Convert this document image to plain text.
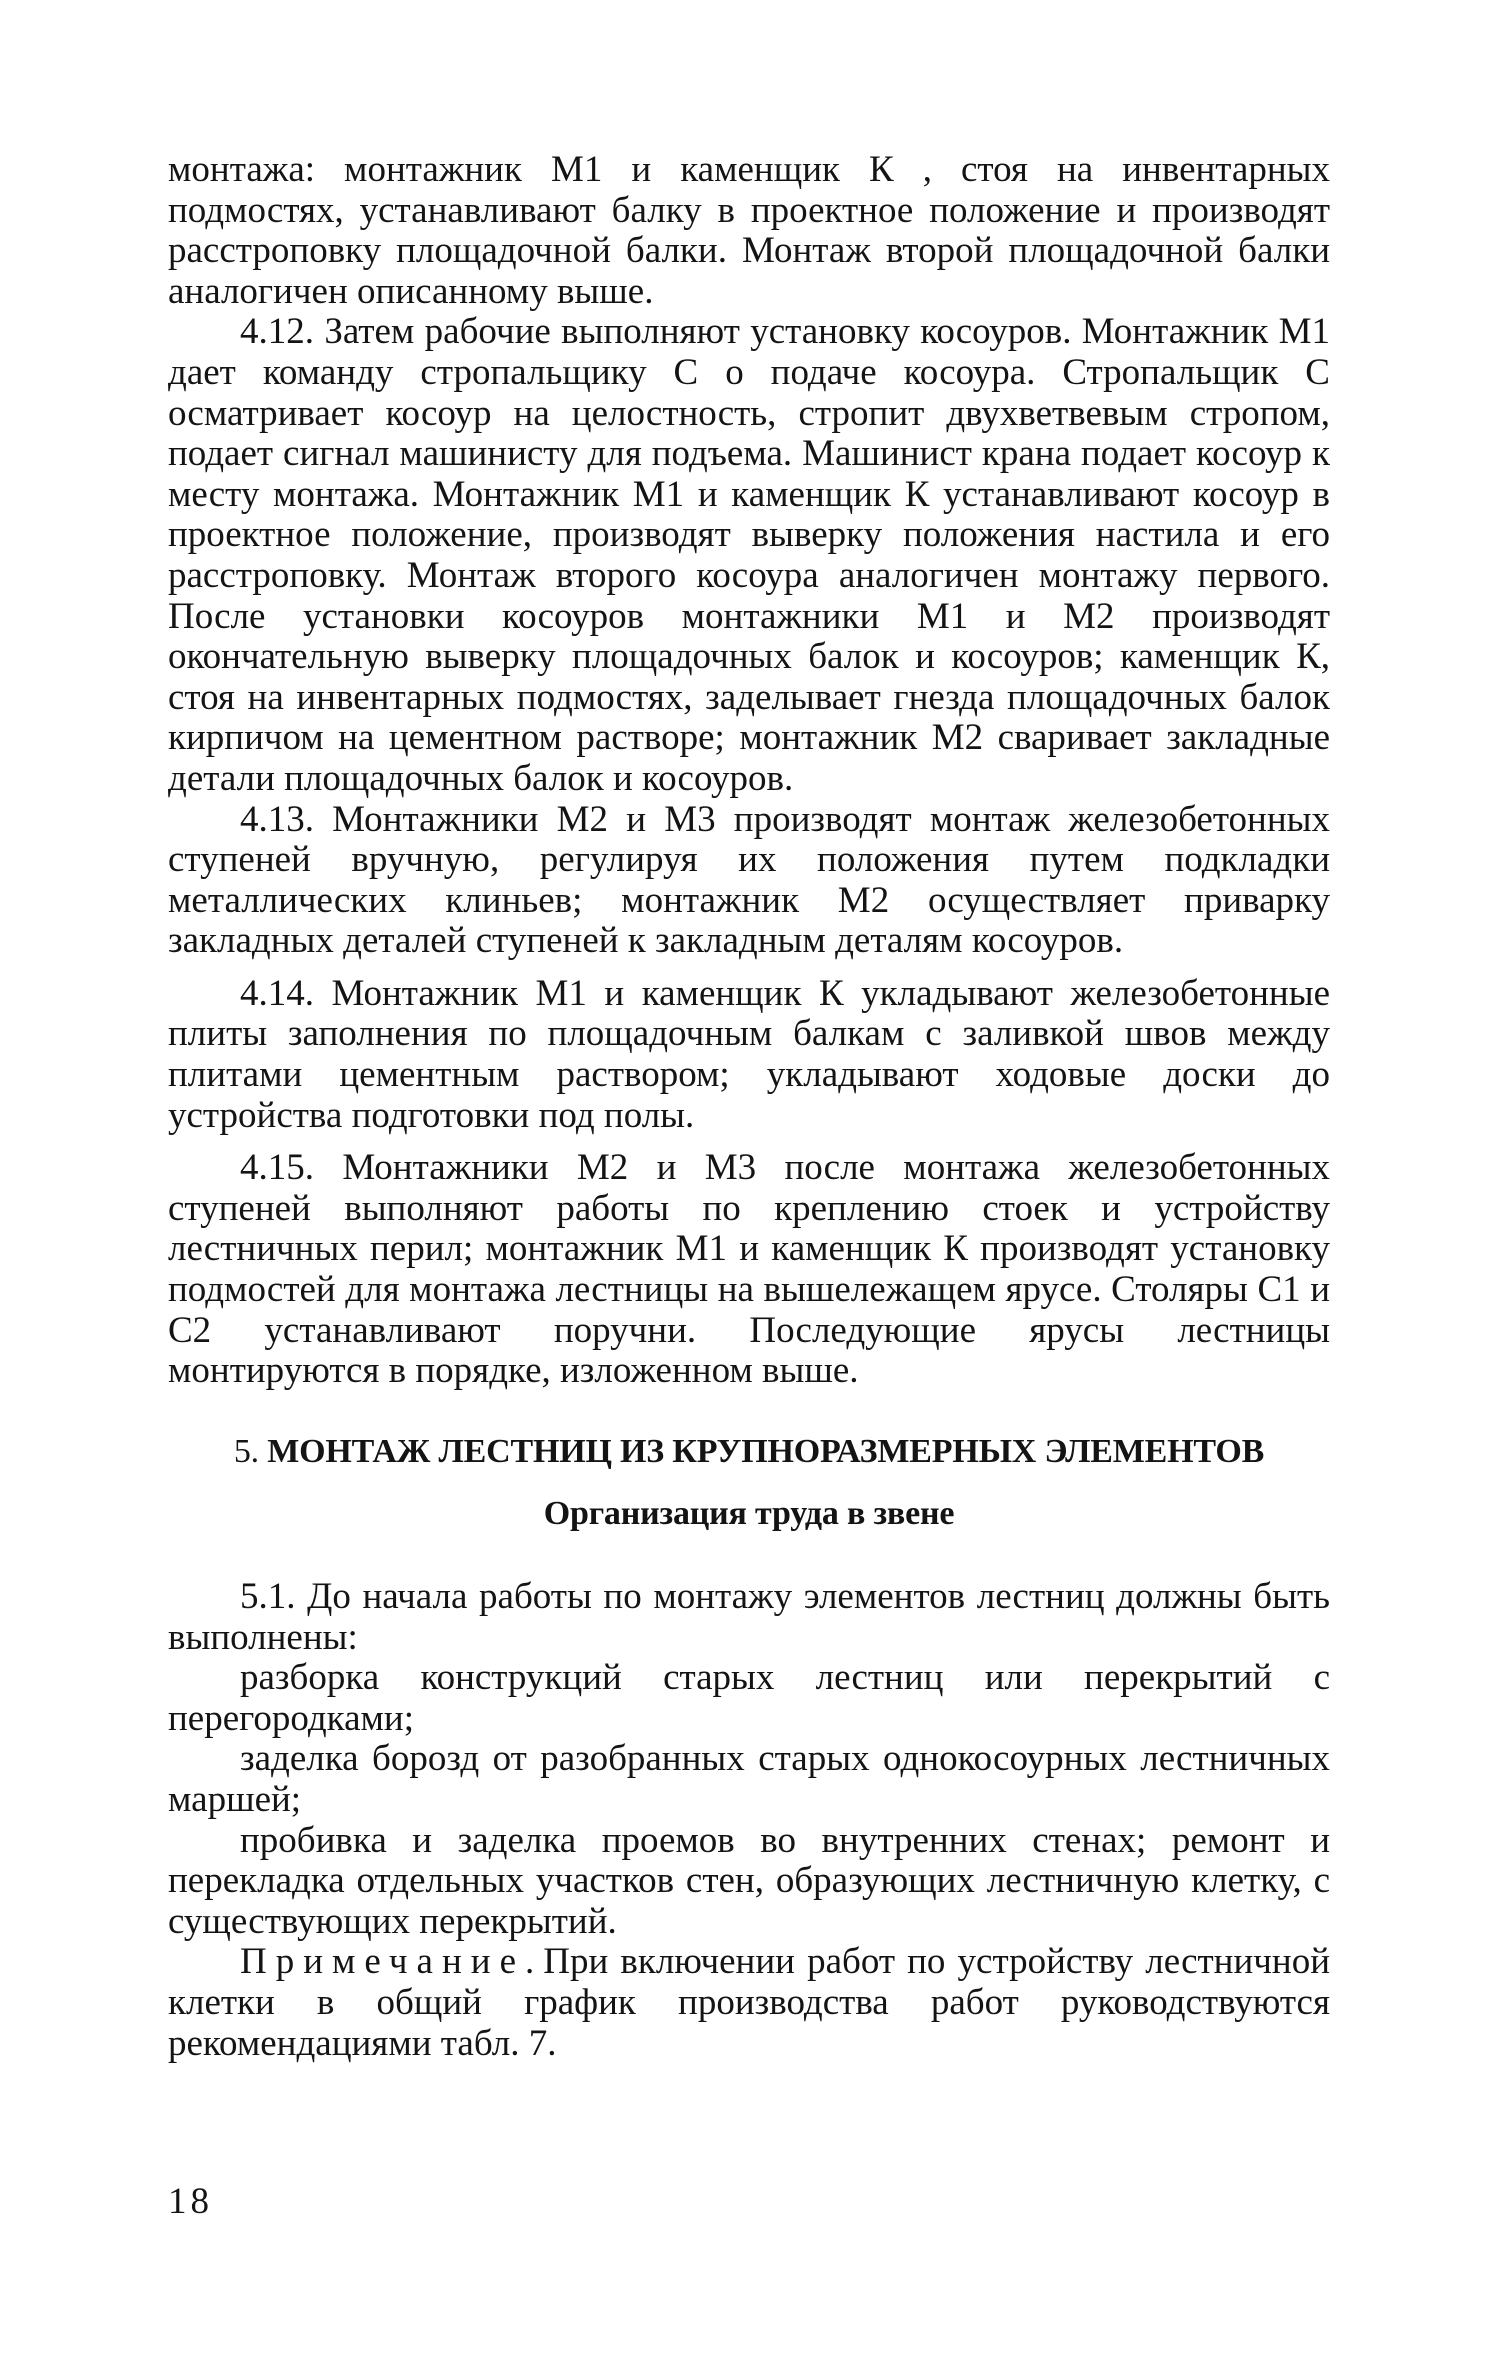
монтажа: монтажник М1 и каменщик К , стоя на инвентарных подмостях, устанавливают балку в проектное положение и производят расстроповку площадочной балки. Монтаж второй площадочной балки аналогичен описанному выше.

4.12. Затем рабочие выполняют установку косоуров. Монтажник М1 дает команду стропальщику С о подаче косоура. Стропальщик С осматривает косоур на целостность, стропит двухветвевым стропом, подает сигнал машинисту для подъема. Машинист крана подает косоур к месту монтажа. Монтажник М1 и каменщик К устанавливают косоур в проектное положение, производят выверку положения настила и его расстроповку. Монтаж второго косоура аналогичен монтажу первого. После установки косоуров монтажники М1 и М2 производят окончательную выверку площадочных балок и косоуров; каменщик К, стоя на инвентарных подмостях, заделывает гнезда площадочных балок кирпичом на цементном растворе; монтажник М2 сваривает закладные детали площадочных балок и косоуров.

4.13. Монтажники М2 и М3 производят монтаж железобетонных ступеней вручную, регулируя их положения путем подкладки металлических клиньев; монтажник М2 осуществляет приварку закладных деталей ступеней к закладным деталям косоуров.

4.14. Монтажник М1 и каменщик К укладывают железобетонные плиты заполнения по площадочным балкам с заливкой швов между плитами цементным раствором; укладывают ходовые доски до устройства подготовки под полы.

4.15. Монтажники М2 и М3 после монтажа железобетонных ступеней выполняют работы по креплению стоек и устройству лестничных перил; монтажник М1 и каменщик К производят установку подмостей для монтажа лестницы на вышележащем ярусе. Столяры С1 и С2 устанавливают поручни. Последующие ярусы лестницы монтируются в порядке, изложенном выше.

5. МОНТАЖ ЛЕСТНИЦ ИЗ КРУПНОРАЗМЕРНЫХ ЭЛЕМЕНТОВ
Организация труда в звене

5.1. До начала работы по монтажу элементов лестниц должны быть выполнены:

разборка конструкций старых лестниц или перекрытий с перегородками;

заделка борозд от разобранных старых однокосоурных лестничных маршей;

пробивка и заделка проемов во внутренних стенах; ремонт и перекладка отдельных участков стен, образующих лестничную клетку, с существующих перекрытий.

Примечание.При включении работ по устройству лестничной клетки в общий график производства работ руководствуются рекомендациями табл. 7.

18
